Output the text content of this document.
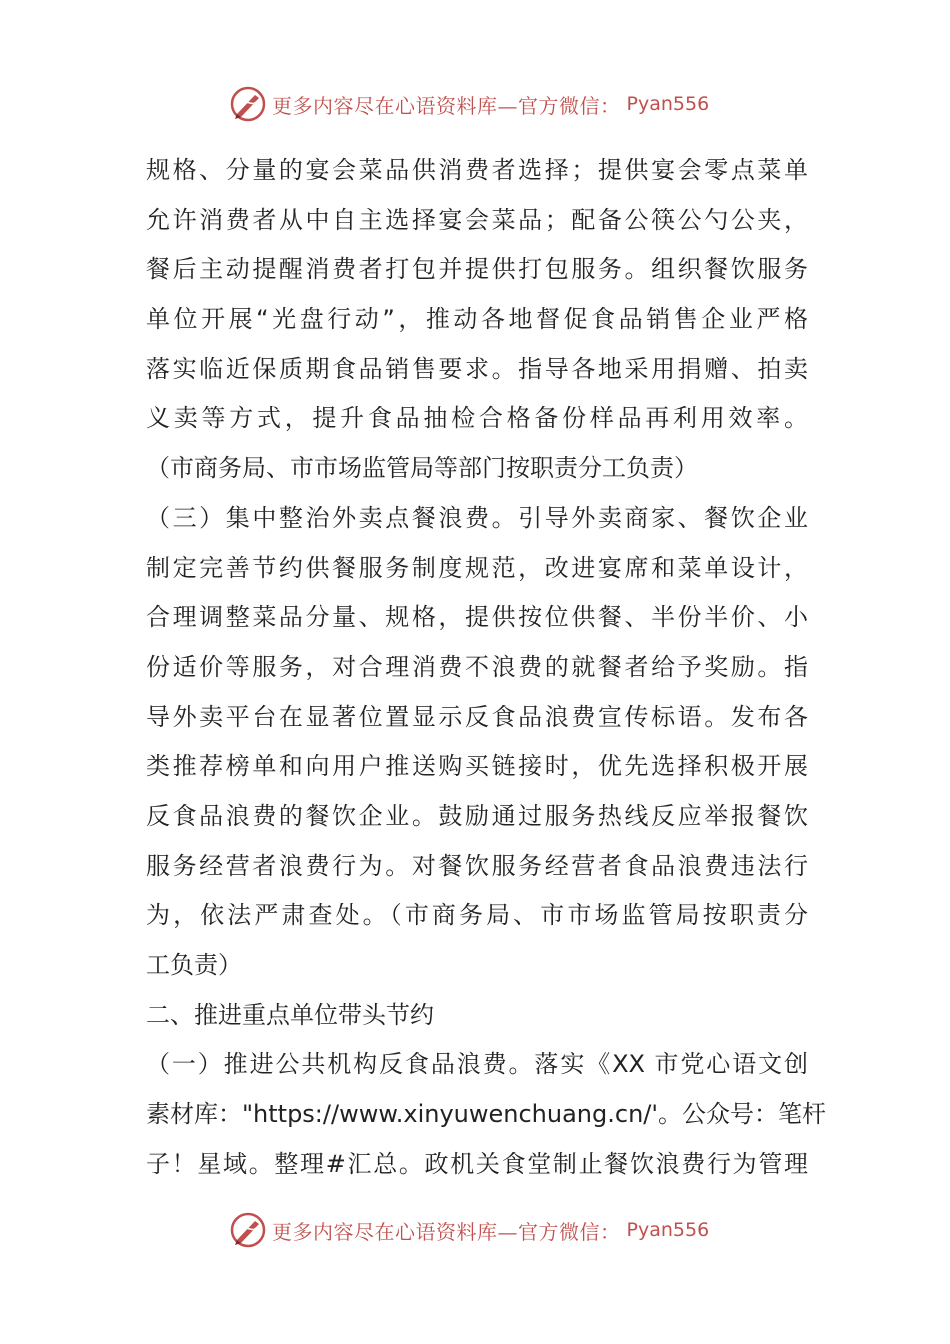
更多内容尽在心语资料库—官方微信： Pyan556
规格、分量的宴会菜品供消费者选择；提供宴会零点菜单
允许消费者从中自主选择宴会菜品；配备公筷公勺公夹，
餐后主动提醒消费者打包并提供打包服务。组织餐饮服务
单位开展“光盘行动”，推动各地督促食品销售企业严格
落实临近保质期食品销售要求。指导各地采用捐赠、拍卖
义卖等方式，提升食品抽检合格备份样品再利用效率。
（市商务局、市市场监管局等部门按职责分工负责）
（三）集中整治外卖点餐浪费。引导外卖商家、餐饮企业
制定完善节约供餐服务制度规范，改进宴席和菜单设计，
合理调整菜品分量、规格，提供按位供餐、半份半价、小
份适价等服务，对合理消费不浪费的就餐者给予奖励。指
导外卖平台在显著位置显示反食品浪费宣传标语。发布各
类推荐榜单和向用户推送购买链接时，优先选择积极开展
反食品浪费的餐饮企业。鼓励通过服务热线反应举报餐饮
服务经营者浪费行为。对餐饮服务经营者食品浪费违法行
为，依法严肃查处。（市商务局、市市场监管局按职责分
工负责）
二、推进重点单位带头节约
（一）推进公共机构反食品浪费。落实《XX 市党心语文创
素材库："https://www.xinyuwenchuang.cn/'。公众号：笔杆
子！星域。整理#汇总。政机关食堂制止餐饮浪费行为管理
更多内容尽在心语资料库—官方微信： Pyan556
